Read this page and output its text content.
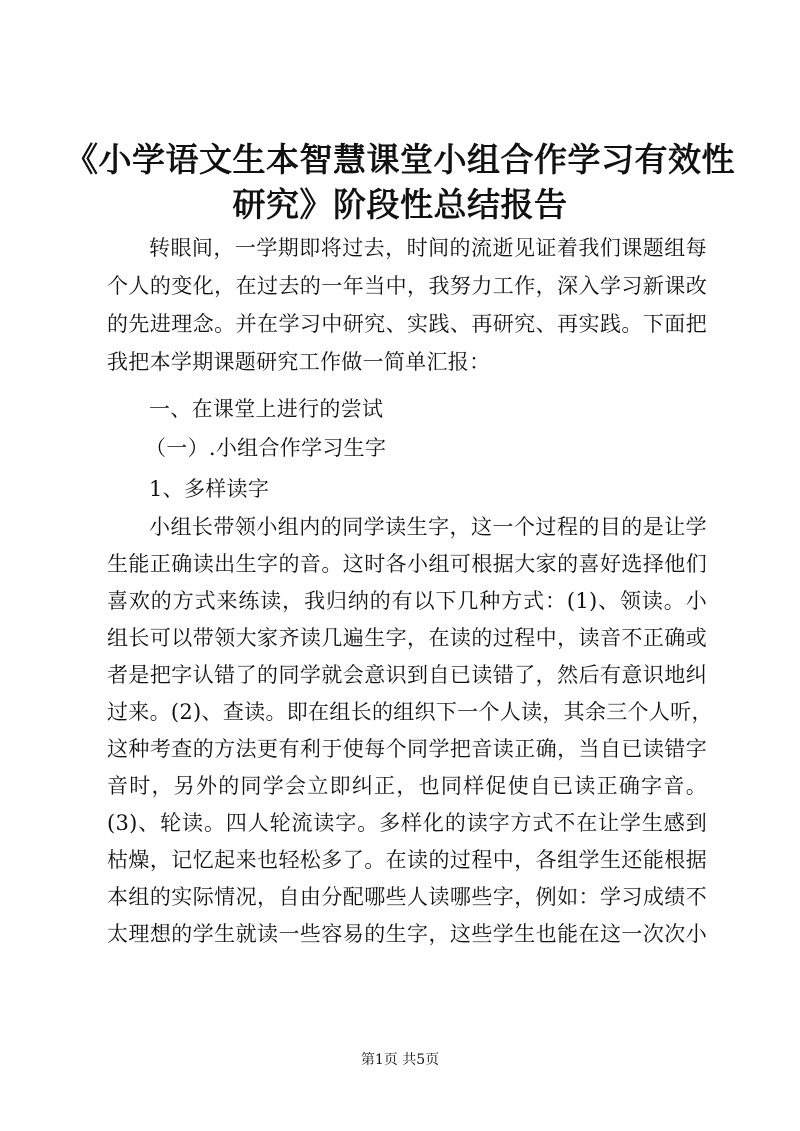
《小学语文生本智慧课堂小组合作学习有效性
研究》阶段性总结报告
转眼间，一学期即将过去，时间的流逝见证着我们课题组每
个人的变化，在过去的一年当中，我努力工作，深入学习新课改
的先进理念。并在学习中研究、实践、再研究、再实践。下面把
我把本学期课题研究工作做一简单汇报：
一、在课堂上进行的尝试
（一）.小组合作学习生字
1、多样读字
小组长带领小组内的同学读生字，这一个过程的目的是让学
生能正确读出生字的音。这时各小组可根据大家的喜好选择他们
喜欢的方式来练读，我归纳的有以下几种方式：(1)、领读。小
组长可以带领大家齐读几遍生字，在读的过程中，读音不正确或
者是把字认错了的同学就会意识到自已读错了，然后有意识地纠
过来。(2)、查读。即在组长的组织下一个人读，其余三个人听，
这种考查的方法更有利于使每个同学把音读正确，当自已读错字
音时，另外的同学会立即纠正，也同样促使自已读正确字音。
(3)、轮读。四人轮流读字。多样化的读字方式不在让学生感到
枯燥，记忆起来也轻松多了。在读的过程中，各组学生还能根据
本组的实际情况，自由分配哪些人读哪些字，例如：学习成绩不
太理想的学生就读一些容易的生字，这些学生也能在这一次次小
第1页 共5页
